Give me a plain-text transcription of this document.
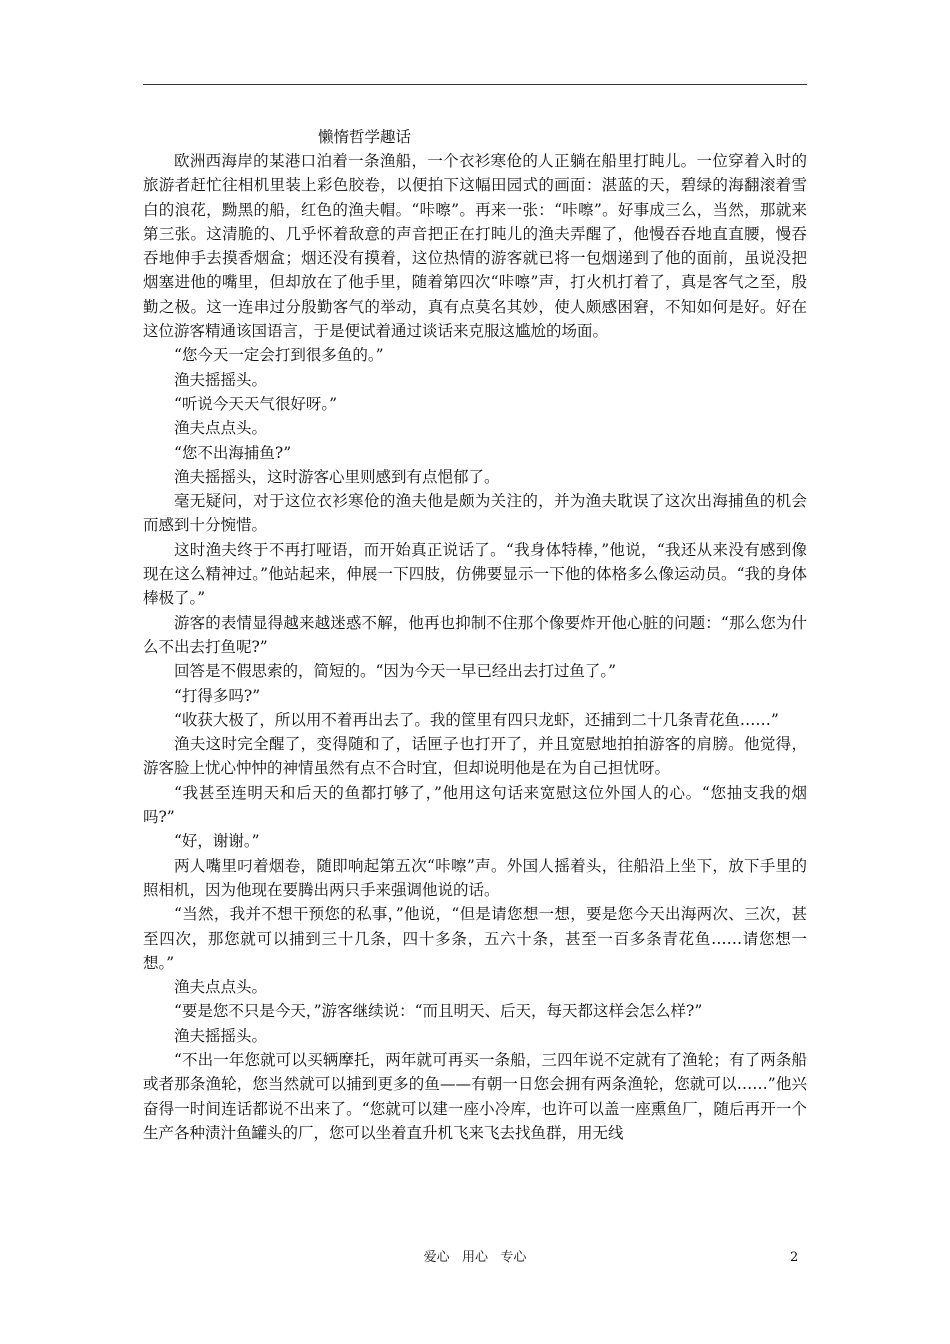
懒惰哲学趣话

欧洲西海岸的某港口泊着一条渔船，一个衣衫寒伧的人正躺在船里打盹儿。一位穿着入时的旅游者赶忙往相机里装上彩色胶卷，以便拍下这幅田园式的画面：湛蓝的天，碧绿的海翻滚着雪白的浪花，黝黑的船，红色的渔夫帽。“咔嚓”。再来一张：“咔嚓”。好事成三么，当然，那就来第三张。这清脆的、几乎怀着敌意的声音把正在打盹儿的渔夫弄醒了，他慢吞吞地直直腰，慢吞吞地伸手去摸香烟盒；烟还没有摸着，这位热情的游客就已将一包烟递到了他的面前，虽说没把烟塞进他的嘴里，但却放在了他手里，随着第四次“咔嚓”声，打火机打着了，真是客气之至，殷勤之极。这一连串过分殷勤客气的举动，真有点莫名其妙，使人颇感困窘，不知如何是好。好在这位游客精通该国语言，于是便试着通过谈话来克服这尴尬的场面。

“您今天一定会打到很多鱼的。”

渔夫摇摇头。

“听说今天天气很好呀。”

渔夫点点头。

“您不出海捕鱼?”

渔夫摇摇头，这时游客心里则感到有点悒郁了。

毫无疑问，对于这位衣衫寒伧的渔夫他是颇为关注的，并为渔夫耽误了这次出海捕鱼的机会而感到十分惋惜。

这时渔夫终于不再打哑语，而开始真正说话了。“我身体特棒，”他说，“我还从来没有感到像现在这么精神过。”他站起来，伸展一下四肢，仿佛要显示一下他的体格多么像运动员。“我的身体棒极了。”

游客的表情显得越来越迷惑不解，他再也抑制不住那个像要炸开他心脏的问题：“那么您为什么不出去打鱼呢?”

回答是不假思索的，简短的。“因为今天一早已经出去打过鱼了。”

“打得多吗?”

“收获大极了，所以用不着再出去了。我的筐里有四只龙虾，还捕到二十几条青花鱼……”

渔夫这时完全醒了，变得随和了，话匣子也打开了，并且宽慰地拍拍游客的肩膀。他觉得，游客脸上忧心忡忡的神情虽然有点不合时宜，但却说明他是在为自己担忧呀。

“我甚至连明天和后天的鱼都打够了，”他用这句话来宽慰这位外国人的心。“您抽支我的烟吗?”

“好，谢谢。”

两人嘴里叼着烟卷，随即响起第五次“咔嚓”声。外国人摇着头，往船沿上坐下，放下手里的照相机，因为他现在要腾出两只手来强调他说的话。

“当然，我并不想干预您的私事，”他说，“但是请您想一想，要是您今天出海两次、三次，甚至四次，那您就可以捕到三十几条，四十多条，五六十条，甚至一百多条青花鱼……请您想一想。”

渔夫点点头。

“要是您不只是今天，”游客继续说：“而且明天、后天，每天都这样会怎么样?”

渔夫摇摇头。

“不出一年您就可以买辆摩托，两年就可再买一条船，三四年说不定就有了渔轮；有了两条船或者那条渔轮，您当然就可以捕到更多的鱼——有朝一日您会拥有两条渔轮，您就可以……”他兴奋得一时间连话都说不出来了。“您就可以建一座小冷库，也许可以盖一座熏鱼厂，随后再开一个生产各种渍汁鱼罐头的厂，您可以坐着直升机飞来飞去找鱼群，用无线

爱心   用心   专心	2
